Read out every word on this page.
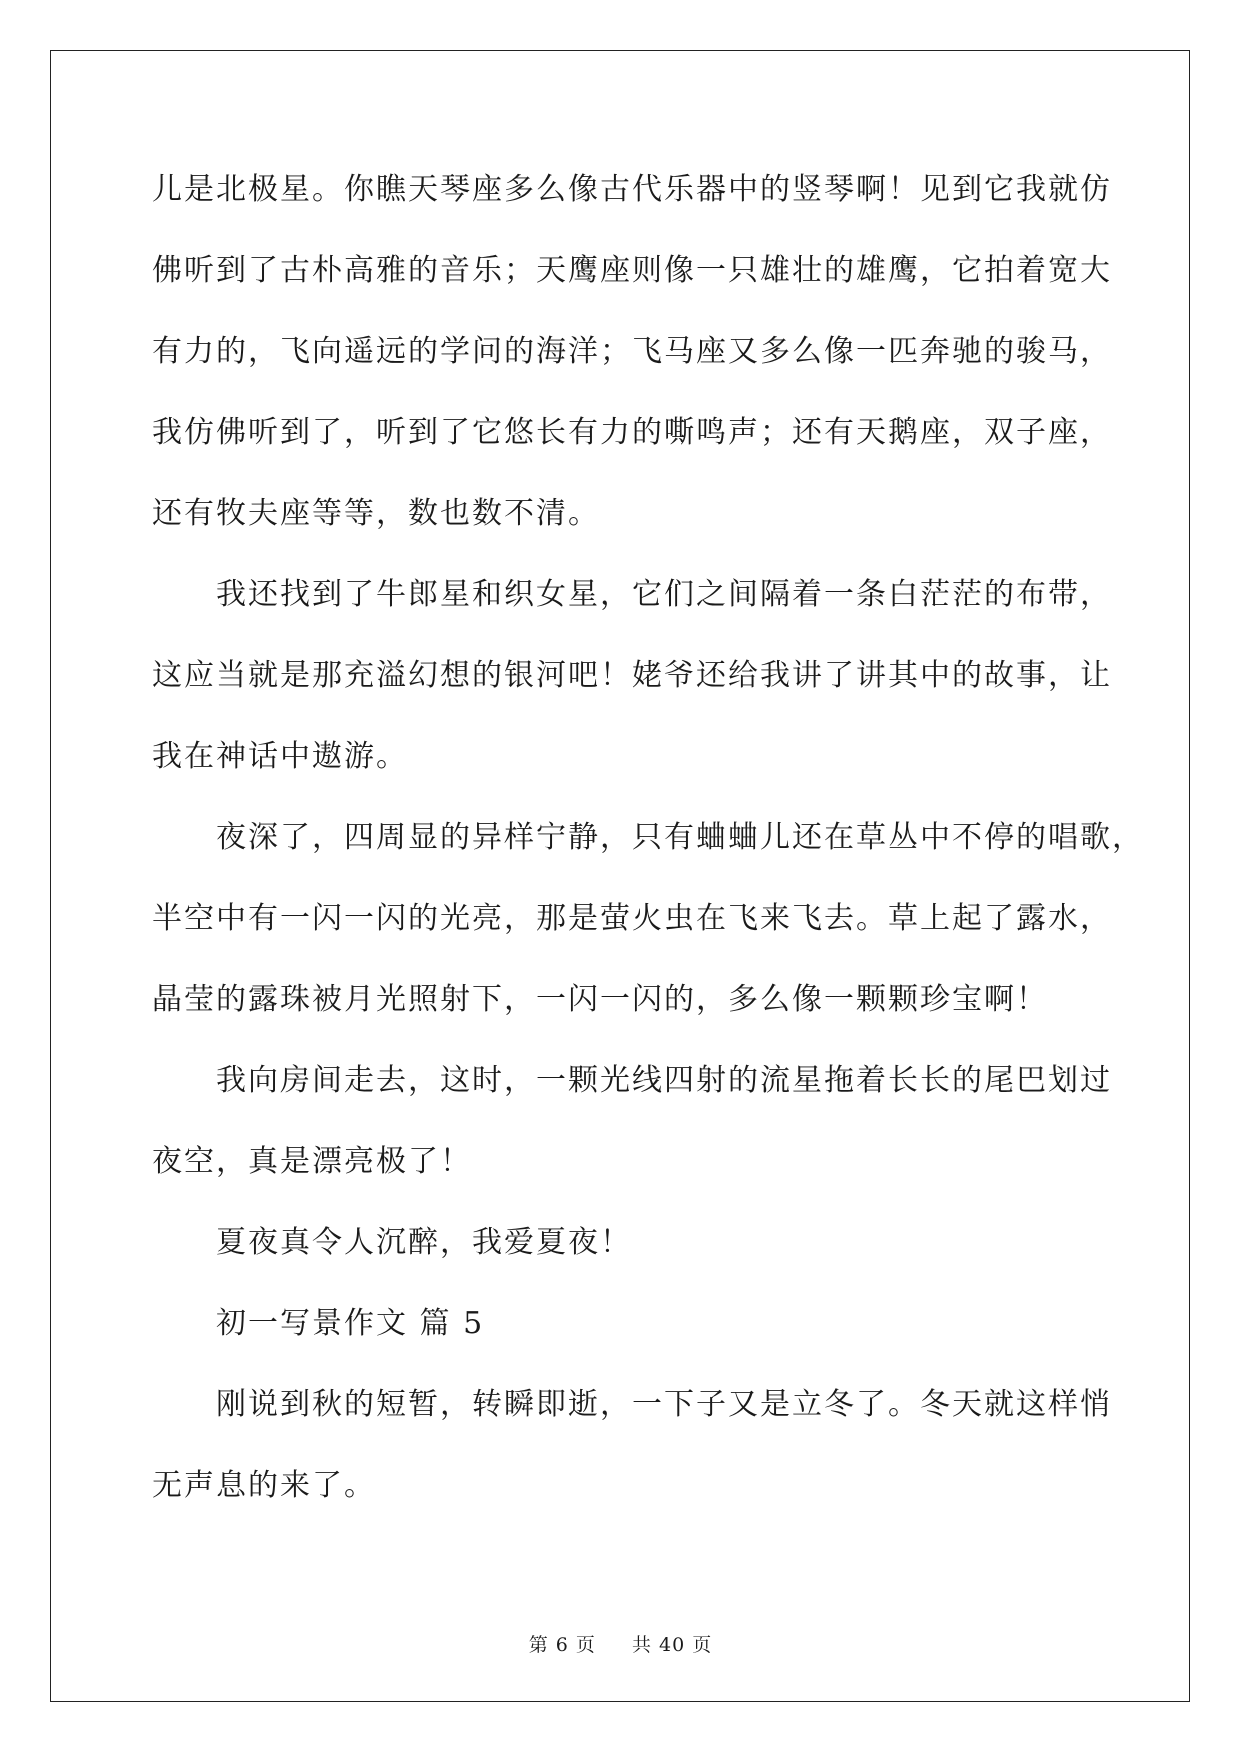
儿是北极星。你瞧天琴座多么像古代乐器中的竖琴啊！见到它我就仿
佛听到了古朴高雅的音乐；天鹰座则像一只雄壮的雄鹰，它拍着宽大
有力的，飞向遥远的学问的海洋；飞马座又多么像一匹奔驰的骏马，
我仿佛听到了，听到了它悠长有力的嘶鸣声；还有天鹅座，双子座，
还有牧夫座等等，数也数不清。
我还找到了牛郎星和织女星，它们之间隔着一条白茫茫的布带，
这应当就是那充溢幻想的银河吧！姥爷还给我讲了讲其中的故事，让
我在神话中遨游。
夜深了，四周显的异样宁静，只有蛐蛐儿还在草丛中不停的唱歌，
半空中有一闪一闪的光亮，那是萤火虫在飞来飞去。草上起了露水，
晶莹的露珠被月光照射下，一闪一闪的，多么像一颗颗珍宝啊！
我向房间走去，这时，一颗光线四射的流星拖着长长的尾巴划过
夜空，真是漂亮极了！
夏夜真令人沉醉，我爱夏夜！
初一写景作文 篇 5
刚说到秋的短暂，转瞬即逝，一下子又是立冬了。冬天就这样悄
无声息的来了。
第 6 页 共 40 页
